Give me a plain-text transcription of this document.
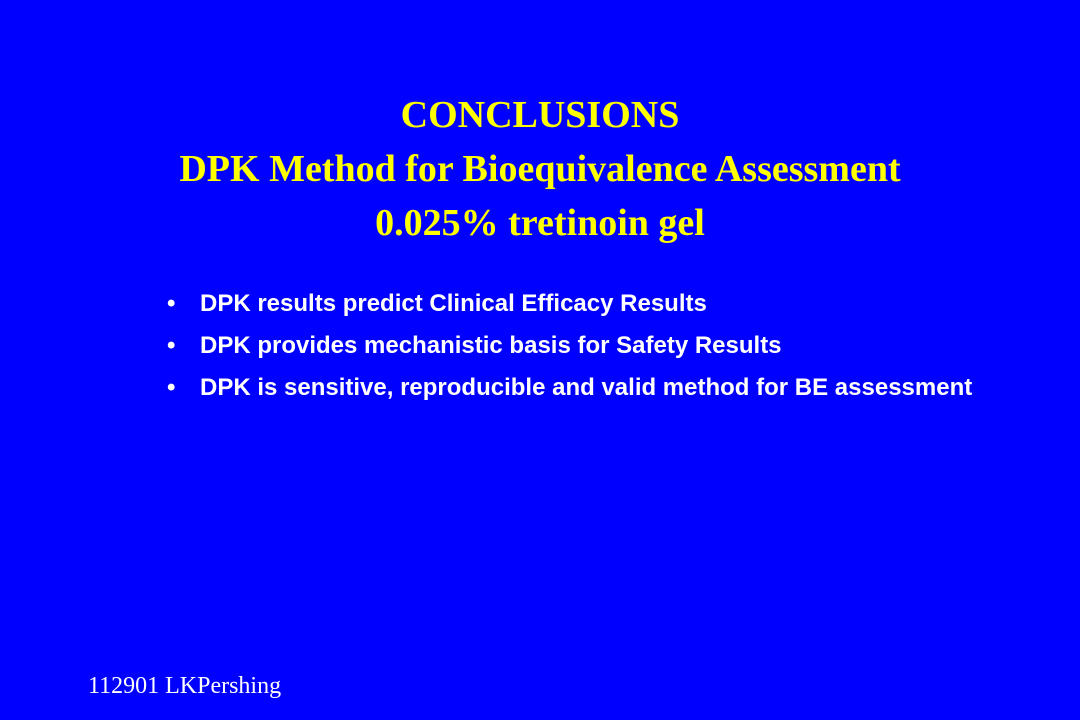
CONCLUSIONS
DPK Method for Bioequivalence Assessment
0.025% tretinoin gel
• DPK results predict Clinical Efficacy Results
• DPK provides mechanistic basis for Safety Results
• DPK is sensitive, reproducible and valid method for BE assessment
112901 LKPershing
